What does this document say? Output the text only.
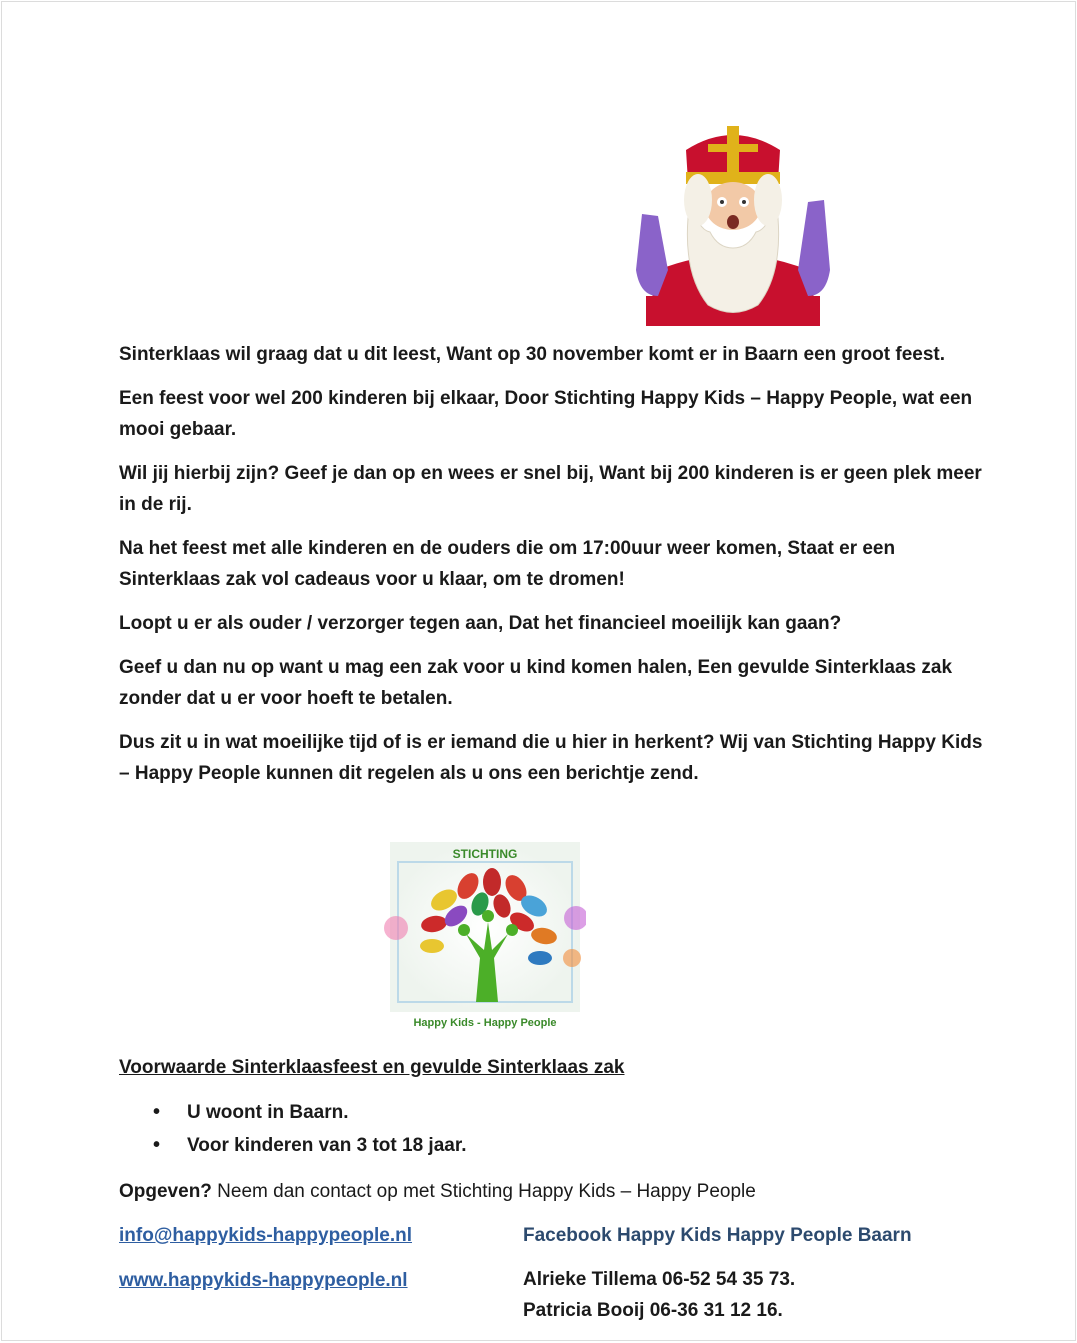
Sinterklaas wil graag dat u dit leest, Want op 30 november komt er in Baarn een groot feest.

Een feest voor wel 200 kinderen bij elkaar, Door Stichting Happy Kids – Happy People, wat een mooi gebaar.

Wil jij hierbij zijn? Geef je dan op en wees er snel bij, Want bij 200 kinderen is er geen plek meer in de rij.

Na het feest met alle kinderen en de ouders die om 17:00uur weer komen, Staat er een Sinterklaas zak vol cadeaus voor u klaar, om te dromen!

Loopt u er als ouder / verzorger tegen aan, Dat het financieel moeilijk kan gaan?

Geef u dan nu op want u mag een zak voor u kind komen halen, Een gevulde Sinterklaas zak zonder dat u er voor hoeft te betalen.

Dus zit u in wat moeilijke tijd of is er iemand die u hier in herkent? Wij van Stichting Happy Kids – Happy People kunnen dit regelen als u ons een berichtje zend.

STICHTING
Happy Kids - Happy People
Voorwaarde Sinterklaasfeest en gevulde Sinterklaas zak
• U woont in Baarn.
• Voor kinderen van 3 tot 18 jaar.
Opgeven? Neem dan contact op met Stichting Happy Kids – Happy People
info@happykids-happypeople.nl
www.happykids-happypeople.nl
Facebook Happy Kids Happy People Baarn
Alrieke Tillema 06-52 54 35 73.
Patricia Booij 06-36 31 12 16.
